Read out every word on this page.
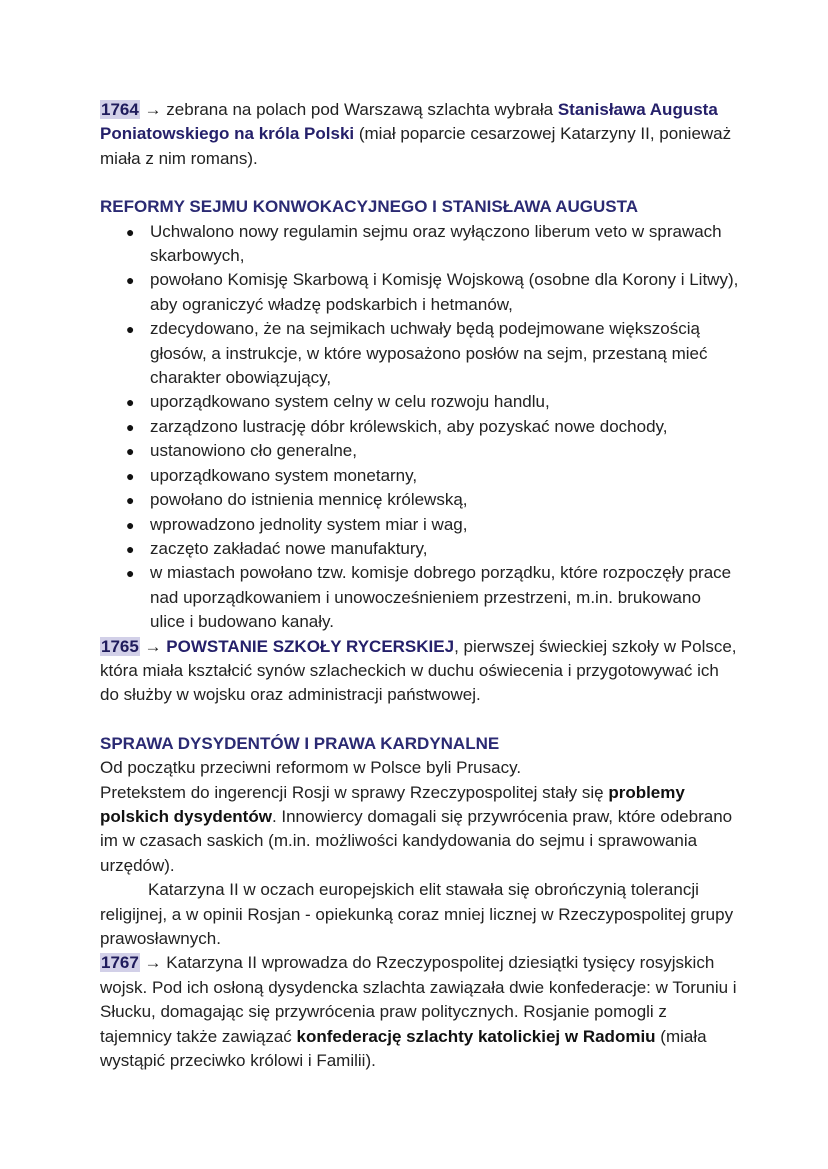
1764 → zebrana na polach pod Warszawą szlachta wybrała Stanisława Augusta Poniatowskiego na króla Polski (miał poparcie cesarzowej Katarzyny II, ponieważ miała z nim romans).

REFORMY SEJMU KONWOKACYJNEGO I STANISŁAWA AUGUSTA

● Uchwalono nowy regulamin sejmu oraz wyłączono liberum veto w sprawach skarbowych,
● powołano Komisję Skarbową i Komisję Wojskową (osobne dla Korony i Litwy), aby ograniczyć władzę podskarbich i hetmanów,
● zdecydowano, że na sejmikach uchwały będą podejmowane większością głosów, a instrukcje, w które wyposażono posłów na sejm, przestaną mieć charakter obowiązujący,
● uporządkowano system celny w celu rozwoju handlu,
● zarządzono lustrację dóbr królewskich, aby pozyskać nowe dochody,
● ustanowiono cło generalne,
● uporządkowano system monetarny,
● powołano do istnienia mennicę królewską,
● wprowadzono jednolity system miar i wag,
● zaczęto zakładać nowe manufaktury,
● w miastach powołano tzw. komisje dobrego porządku, które rozpoczęły prace nad uporządkowaniem i unowocześnieniem przestrzeni, m.in. brukowano ulice i budowano kanały.

1765 → POWSTANIE SZKOŁY RYCERSKIEJ, pierwszej świeckiej szkoły w Polsce, która miała kształcić synów szlacheckich w duchu oświecenia i przygotowywać ich do służby w wojsku oraz administracji państwowej.

SPRAWA DYSYDENTÓW I PRAWA KARDYNALNE

Od początku przeciwni reformom w Polsce byli Prusacy.

Pretekstem do ingerencji Rosji w sprawy Rzeczypospolitej stały się problemy polskich dysydentów. Innowiercy domagali się przywrócenia praw, które odebrano im w czasach saskich (m.in. możliwości kandydowania do sejmu i sprawowania urzędów).

Katarzyna II w oczach europejskich elit stawała się obrończynią tolerancji religijnej, a w opinii Rosjan - opiekunką coraz mniej licznej w Rzeczypospolitej grupy prawosławnych.

1767 → Katarzyna II wprowadza do Rzeczypospolitej dziesiątki tysięcy rosyjskich wojsk. Pod ich osłoną dysydencka szlachta zawiązała dwie konfederacje: w Toruniu i Słucku, domagając się przywrócenia praw politycznych. Rosjanie pomogli z tajemnicy także zawiązać konfederację szlachty katolickiej w Radomiu (miała wystąpić przeciwko królowi i Familii).
